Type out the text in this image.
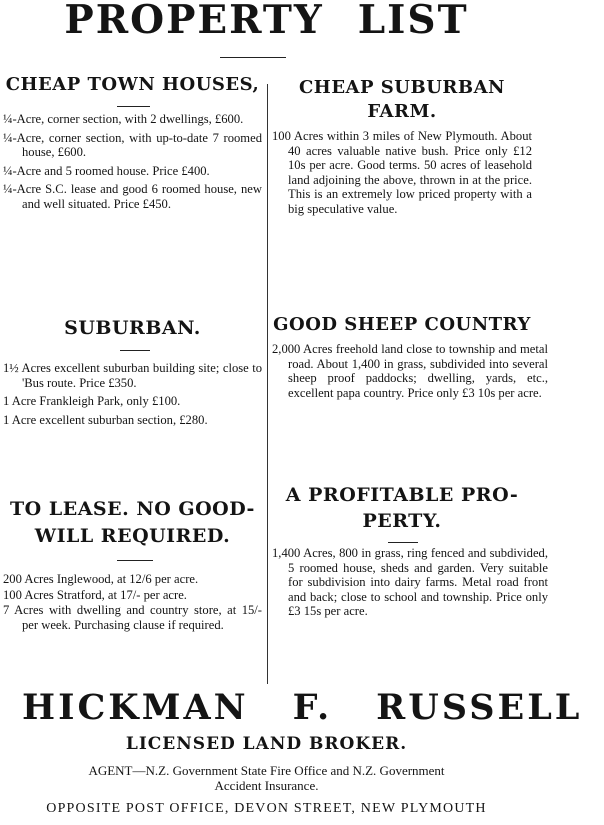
PROPERTY LIST
CHEAP TOWN HOUSES,
¼-Acre, corner section, with 2 dwellings, £600.
¼-Acre, corner section, with up-to-date 7 roomed house, £600.
¼-Acre and 5 roomed house. Price £400.
¼-Acre S.C. lease and good 6 roomed house, new and well situated. Price £450.
SUBURBAN.
1½ Acres excellent suburban building site; close to 'Bus route. Price £350.
1 Acre Frankleigh Park, only £100.
1 Acre excellent suburban section, £280.
TO LEASE. NO GOOD-
WILL REQUIRED.
200 Acres Inglewood, at 12/6 per acre.
100 Acres Stratford, at 17/- per acre.
7 Acres with dwelling and country store, at 15/- per week. Purchasing clause if required.
CHEAP SUBURBAN
FARM.
100 Acres within 3 miles of New Plymouth. About 40 acres valuable native bush. Price only £12 10s per acre. Good terms. 50 acres of leasehold land adjoining the above, thrown in at the price. This is an extremely low priced property with a big speculative value.
GOOD SHEEP COUNTRY
2,000 Acres freehold land close to township and metal road. About 1,400 in grass, subdivided into several sheep proof paddocks; dwelling, yards, etc., excellent papa country. Price only £3 10s per acre.
A PROFITABLE PRO-
PERTY.
1,400 Acres, 800 in grass, ring fenced and subdivided, 5 roomed house, sheds and garden. Very suitable for subdivision into dairy farms. Metal road front and back; close to school and township. Price only £3 15s per acre.
HICKMAN F. RUSSELL
LICENSED LAND BROKER.
AGENT—N.Z. Government State Fire Office and N.Z. Government
Accident Insurance.
OPPOSITE POST OFFICE, DEVON STREET, NEW PLYMOUTH
